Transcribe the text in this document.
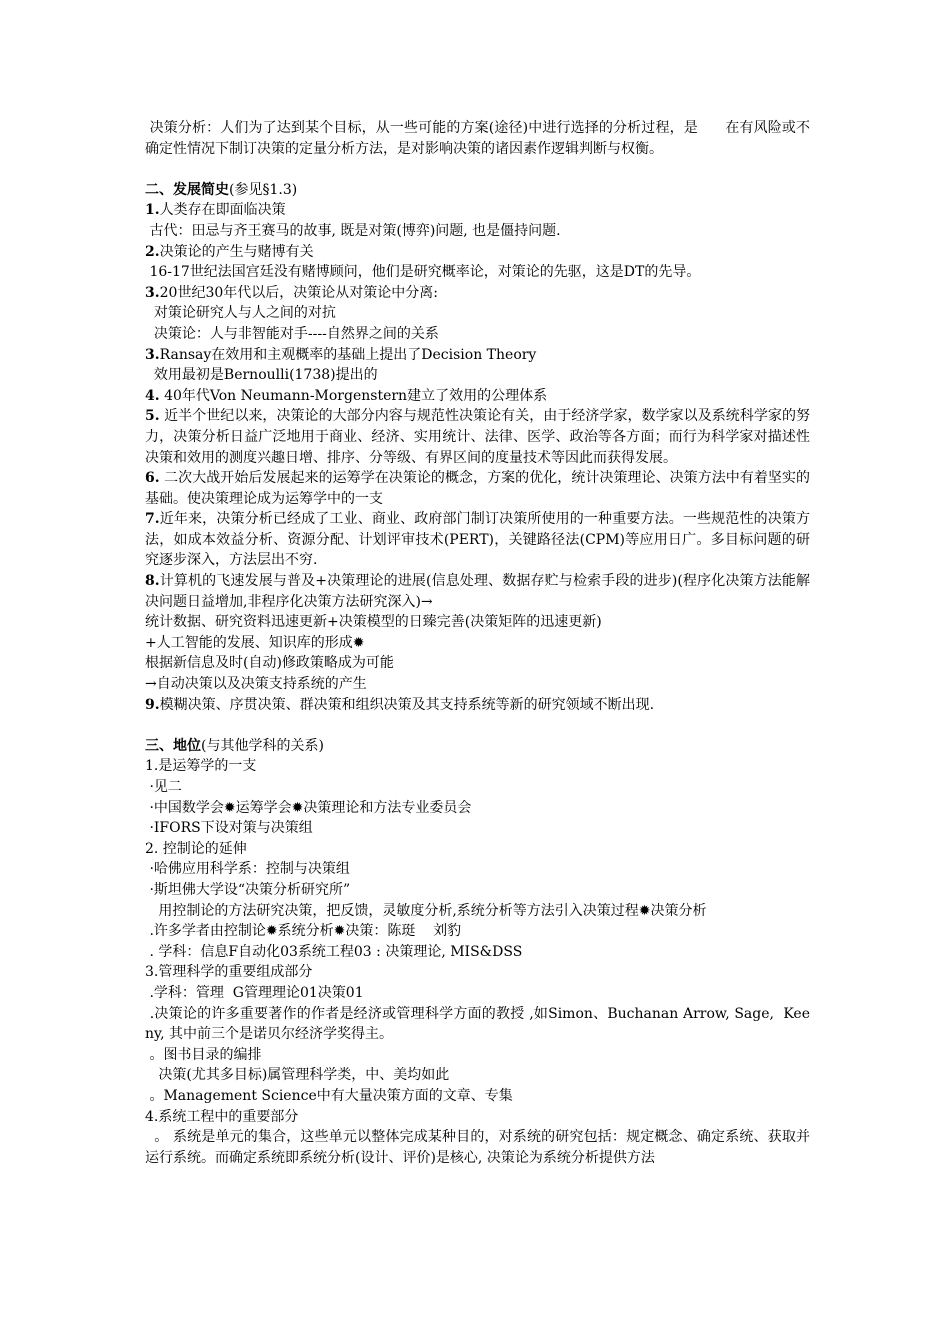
决策分析：人们为了达到某个目标，从一些可能的方案(途径)中进行选择的分析过程，是      在有风险或不确定性情况下制订决策的定量分析方法，是对影响决策的诸因素作逻辑判断与权衡。

二、发展简史(参见§1.3)

1.人类存在即面临决策

古代：田忌与齐王赛马的故事, 既是对策(博弈)问题, 也是僵持问题.

2.决策论的产生与赌博有关

16-17世纪法国宫廷没有赌博顾问，他们是研究概率论，对策论的先驱，这是DT的先导。

3.20世纪30年代以后，决策论从对策论中分离:

对策论研究人与人之间的对抗

决策论：人与非智能对手----自然界之间的关系

3.Ransay在效用和主观概率的基础上提出了Decision Theory

效用最初是Bernoulli(1738)提出的

4. 40年代Von Neumann-Morgenstern建立了效用的公理体系

5. 近半个世纪以来，决策论的大部分内容与规范性决策论有关，由于经济学家，数学家以及系统科学家的努力，决策分析日益广泛地用于商业、经济、实用统计、法律、医学、政治等各方面；而行为科学家对描述性决策和效用的测度兴趣日增、排序、分等级、有界区间的度量技术等因此而获得发展。

6. 二次大战开始后发展起来的运筹学在决策论的概念，方案的优化，统计决策理论、决策方法中有着坚实的基础。使决策理论成为运筹学中的一支

7.近年来，决策分析已经成了工业、商业、政府部门制订决策所使用的一种重要方法。一些规范性的决策方法，如成本效益分析、资源分配、计划评审技术(PERT)，关键路径法(CPM)等应用日广。多目标问题的研究逐步深入，方法层出不穷.

8.计算机的飞速发展与普及+决策理论的进展(信息处理、数据存贮与检索手段的进步)(程序化决策方法能解决问题日益增加,非程序化决策方法研究深入)→

统计数据、研究资料迅速更新+决策模型的日臻完善(决策矩阵的迅速更新)

+人工智能的发展、知识库的形成✹

根据新信息及时(自动)修政策略成为可能

→自动决策以及决策支持系统的产生

9.模糊决策、序贯决策、群决策和组织决策及其支持系统等新的研究领域不断出现.

三、地位(与其他学科的关系)

1.是运筹学的一支

·见二

·中国数学会✹运筹学会✹决策理论和方法专业委员会

·IFORS下设对策与决策组

2. 控制论的延伸

·哈佛应用科学系：控制与决策组

·斯坦佛大学设“决策分析研究所”

用控制论的方法研究决策，把反馈，灵敏度分析,系统分析等方法引入决策过程✹决策分析

.许多学者由控制论✹系统分析✹决策：陈珽    刘豹

. 学科：信息F自动化03系统工程03 : 决策理论, MIS&DSS

3.管理科学的重要组成部分

.学科：管理  G管理理论01决策01

.决策论的许多重要著作的作者是经济或管理科学方面的教授 ,如Simon、Buchanan Arrow, Sage,  Keeny, 其中前三个是诺贝尔经济学奖得主。

。图书目录的编排

决策(尤其多目标)属管理科学类，中、美均如此

。Management Science中有大量决策方面的文章、专集

4.系统工程中的重要部分

。 系统是单元的集合，这些单元以整体完成某种目的，对系统的研究包括：规定概念、确定系统、获取并运行系统。而确定系统即系统分析(设计、评价)是核心, 决策论为系统分析提供方法
